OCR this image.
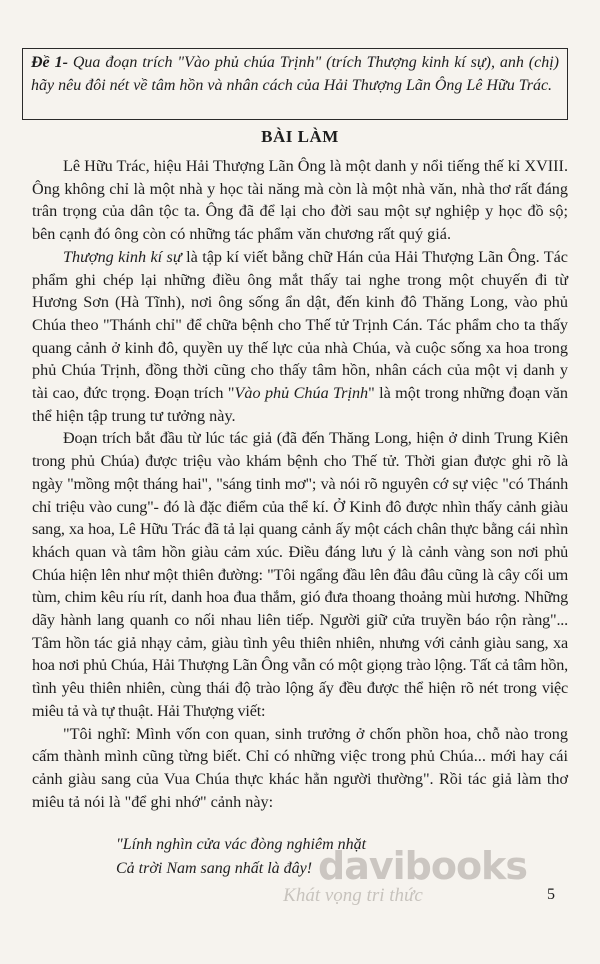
Đề 1- Qua đoạn trích "Vào phủ chúa Trịnh" (trích Thượng kinh kí sự), anh (chị) hãy nêu đôi nét về tâm hồn và nhân cách của Hải Thượng Lãn Ông Lê Hữu Trác.
BÀI LÀM

Lê Hữu Trác, hiệu Hải Thượng Lãn Ông là một danh y nổi tiếng thế kỉ XVIII. Ông không chỉ là một nhà y học tài năng mà còn là một nhà văn, nhà thơ rất đáng trân trọng của dân tộc ta. Ông đã để lại cho đời sau một sự nghiệp y học đồ sộ; bên cạnh đó ông còn có những tác phẩm văn chương rất quý giá.

Thượng kinh kí sự là tập kí viết bằng chữ Hán của Hải Thượng Lãn Ông. Tác phẩm ghi chép lại những điều ông mắt thấy tai nghe trong một chuyến đi từ Hương Sơn (Hà Tĩnh), nơi ông sống ẩn dật, đến kinh đô Thăng Long, vào phủ Chúa theo "Thánh chỉ" để chữa bệnh cho Thế tử Trịnh Cán. Tác phẩm cho ta thấy quang cảnh ở kinh đô, quyền uy thế lực của nhà Chúa, và cuộc sống xa hoa trong phủ Chúa Trịnh, đồng thời cũng cho thấy tâm hồn, nhân cách của một vị danh y tài cao, đức trọng. Đoạn trích "Vào phủ Chúa Trịnh" là một trong những đoạn văn thể hiện tập trung tư tưởng này.

Đoạn trích bắt đầu từ lúc tác giả (đã đến Thăng Long, hiện ở dinh Trung Kiên trong phủ Chúa) được triệu vào khám bệnh cho Thế tử. Thời gian được ghi rõ là ngày "mồng một tháng hai", "sáng tinh mơ"; và nói rõ nguyên cớ sự việc "có Thánh chỉ triệu vào cung"- đó là đặc điểm của thể kí. Ở Kinh đô được nhìn thấy cảnh giàu sang, xa hoa, Lê Hữu Trác đã tả lại quang cảnh ấy một cách chân thực bằng cái nhìn khách quan và tâm hồn giàu cảm xúc. Điều đáng lưu ý là cảnh vàng son nơi phủ Chúa hiện lên như một thiên đường: "Tôi ngẩng đầu lên đâu đâu cũng là cây cối um tùm, chim kêu ríu rít, danh hoa đua thắm, gió đưa thoang thoảng mùi hương. Những dãy hành lang quanh co nối nhau liên tiếp. Người giữ cửa truyền báo rộn ràng"... Tâm hồn tác giả nhạy cảm, giàu tình yêu thiên nhiên, nhưng với cảnh giàu sang, xa hoa nơi phủ Chúa, Hải Thượng Lãn Ông vẫn có một giọng trào lộng. Tất cả tâm hồn, tình yêu thiên nhiên, cùng thái độ trào lộng ấy đều được thể hiện rõ nét trong việc miêu tả và tự thuật. Hải Thượng viết:

"Tôi nghĩ: Mình vốn con quan, sinh trưởng ở chốn phồn hoa, chỗ nào trong cấm thành mình cũng từng biết. Chỉ có những việc trong phủ Chúa... mới hay cái cảnh giàu sang của Vua Chúa thực khác hẳn người thường". Rồi tác giả làm thơ miêu tả nói là "để ghi nhớ" cảnh này:

"Lính nghìn cửa vác đòng nghiêm nhặt
Cả trời Nam sang nhất là đây! davibooks
Khát vọng tri thức	5
